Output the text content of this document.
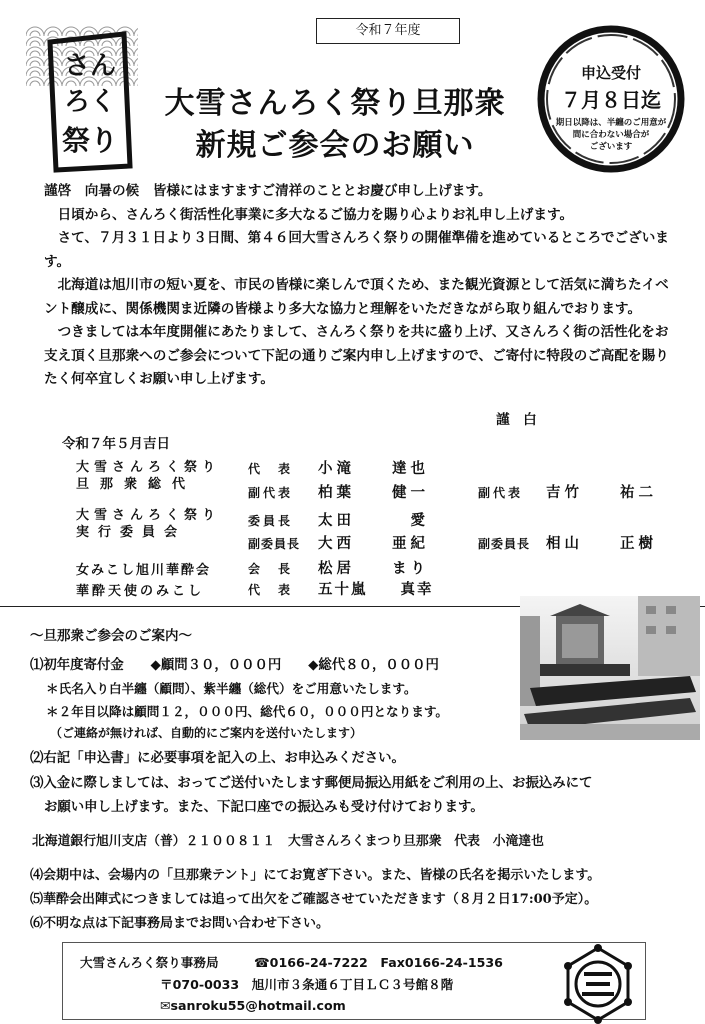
令和７年度
さん
ろく
祭り
大雪さんろく祭り旦那衆
新規ご参会のお願い
申込受付
７月８日迄
期日以降は、半纏のご用意が
間に合わない場合が
ございます

謹啓　向暑の候　皆様にはますますご清祥のこととお慶び申し上げます。

日頃から、さんろく街活性化事業に多大なるご協力を賜り心よりお礼申し上げます。

さて、７月３１日より３日間、第４６回大雪さんろく祭りの開催準備を進めているところでございます。

北海道は旭川市の短い夏を、市民の皆様に楽しんで頂くため、また観光資源として活気に満ちたイベント醸成に、関係機関ま近隣の皆様より多大な協力と理解をいただきながら取り組んでおります。

つきましては本年度開催にあたりまして、さんろく祭りを共に盛り上げ、又さんろく街の活性化をお支え頂く旦那衆へのご参会について下記の通りご案内申し上げますので、ご寄付に特段のご高配を賜りたく何卒宜しくお願い申し上げます。

謹　白
令和７年５月吉日
大雪さんろく祭り
旦那衆総代
代　表 小滝　　達也
副代表 柏葉　　健一	副代表 吉竹　　祐二
大雪さんろく祭り
実行委員会
委員長 太田　　　愛
副委員長 大西　　亜紀	副委員長 相山　　正樹
女みこし旭川華酔会	会　長 松居　　まり
華酔天使のみこし	代　表 五十嵐　　真幸
～旦那衆ご参会のご案内～
⑴初年度寄付金　　◆顧問３０，０００円　　◆総代８０，０００円
＊氏名入り白半纏（顧問）、紫半纏（総代）をご用意いたします。
＊２年目以降は顧問１２，０００円、総代６０，０００円となります。
（ご連絡が無ければ、自動的にご案内を送付いたします）
⑵右記「申込書」に必要事項を記入の上、お申込みください。
⑶入金に際しましては、おってご送付いたします郵便局振込用紙をご利用の上、お振込みにて
お願い申し上げます。また、下記口座での振込みも受け付けております。
北海道銀行旭川支店（普）２１００８１１　大雪さんろくまつり旦那衆　代表　小滝達也
⑷会期中は、会場内の「旦那衆テント」にてお寛ぎ下さい。また、皆様の氏名を掲示いたします。
⑸華酔会出陣式につきましては追って出欠をご確認させていただきます（８月２日17:00予定）。
⑹不明な点は下記事務局までお問い合わせ下さい。
大雪さんろく祭り事務局	☎0166-24-7222　Fax0166-24-1536
〒070-0033　旭川市３条通６丁目ＬＣ３号館８階
✉sanroku55@hotmail.com
